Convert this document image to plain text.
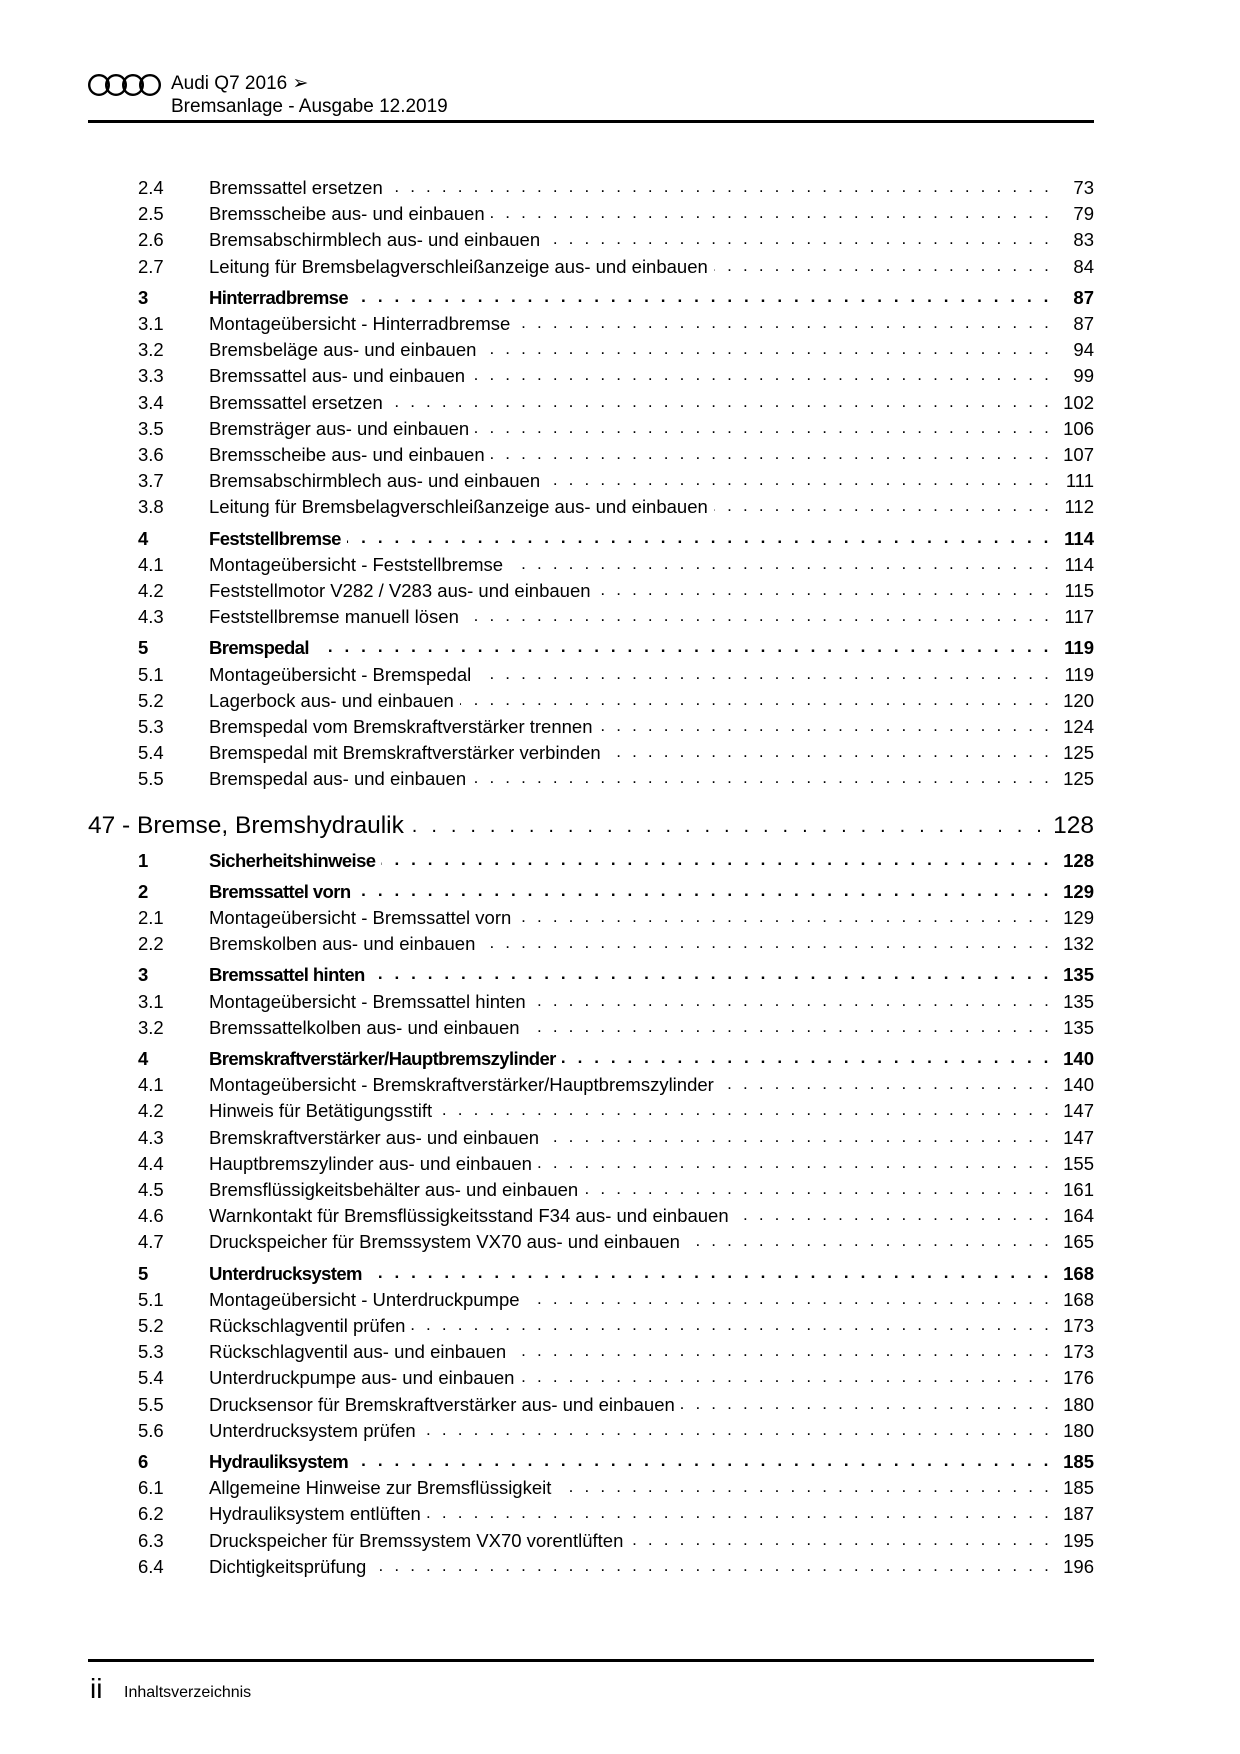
Audi Q7 2016 ➢
Bremsanlage - Ausgabe 12.2019
2.4	Bremssattel ersetzen . . .	73
2.5	Bremsscheibe aus- und einbauen . . .	79
2.6	Bremsabschirmblech aus- und einbauen . . .	83
2.7	Leitung für Bremsbelagverschleißanzeige aus- und einbauen . . .	84
3	Hinterradbremse . . .	87
3.1	Montageübersicht - Hinterradbremse . . .	87
3.2	Bremsbeläge aus- und einbauen . . .	94
3.3	Bremssattel aus- und einbauen . . .	99
3.4	Bremssattel ersetzen . . .	102
3.5	Bremsträger aus- und einbauen . . .	106
3.6	Bremsscheibe aus- und einbauen . . .	107
3.7	Bremsabschirmblech aus- und einbauen . . .	111
3.8	Leitung für Bremsbelagverschleißanzeige aus- und einbauen . . .	112
4	Feststellbremse . . .	114
4.1	Montageübersicht - Feststellbremse . . .	114
4.2	Feststellmotor V282 / V283 aus- und einbauen . . .	115
4.3	Feststellbremse manuell lösen . . .	117
5	Bremspedal . . .	119
5.1	Montageübersicht - Bremspedal . . .	119
5.2	Lagerbock aus- und einbauen . . .	120
5.3	Bremspedal vom Bremskraftverstärker trennen . . .	124
5.4	Bremspedal mit Bremskraftverstärker verbinden . . .	125
5.5	Bremspedal aus- und einbauen . . .	125
47 - Bremse, Bremshydraulik . . .	128
1	Sicherheitshinweise . . .	128
2	Bremssattel vorn . . .	129
2.1	Montageübersicht - Bremssattel vorn . . .	129
2.2	Bremskolben aus- und einbauen . . .	132
3	Bremssattel hinten . . .	135
3.1	Montageübersicht - Bremssattel hinten . . .	135
3.2	Bremssattelkolben aus- und einbauen . . .	135
4	Bremskraftverstärker/Hauptbremszylinder . . .	140
4.1	Montageübersicht - Bremskraftverstärker/Hauptbremszylinder . . .	140
4.2	Hinweis für Betätigungsstift . . .	147
4.3	Bremskraftverstärker aus- und einbauen . . .	147
4.4	Hauptbremszylinder aus- und einbauen . . .	155
4.5	Bremsflüssigkeitsbehälter aus- und einbauen . . .	161
4.6	Warnkontakt für Bremsflüssigkeitsstand F34 aus- und einbauen . . .	164
4.7	Druckspeicher für Bremssystem VX70 aus- und einbauen . . .	165
5	Unterdrucksystem . . .	168
5.1	Montageübersicht - Unterdruckpumpe . . .	168
5.2	Rückschlagventil prüfen . . .	173
5.3	Rückschlagventil aus- und einbauen . . .	173
5.4	Unterdruckpumpe aus- und einbauen . . .	176
5.5	Drucksensor für Bremskraftverstärker aus- und einbauen . . .	180
5.6	Unterdrucksystem prüfen . . .	180
6	Hydrauliksystem . . .	185
6.1	Allgemeine Hinweise zur Bremsflüssigkeit . . .	185
6.2	Hydrauliksystem entlüften . . .	187
6.3	Druckspeicher für Bremssystem VX70 vorentlüften . . .	195
6.4	Dichtigkeitsprüfung . . .	196
ii Inhaltsverzeichnis
